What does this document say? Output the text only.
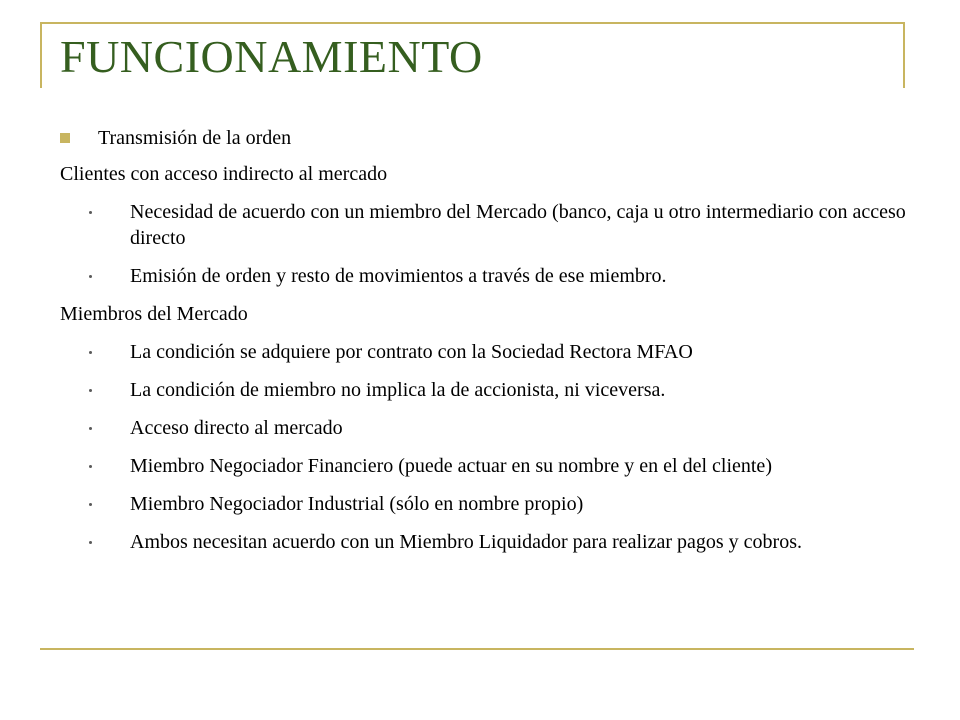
FUNCIONAMIENTO
Transmisión de la orden
Clientes con acceso indirecto al mercado
Necesidad de acuerdo con un miembro del Mercado (banco, caja u otro intermediario con acceso directo
Emisión de orden y resto de movimientos a través de ese miembro.
Miembros del Mercado
La condición se adquiere por contrato con la Sociedad Rectora MFAO
La condición de miembro no implica la de accionista, ni viceversa.
Acceso directo al mercado
Miembro Negociador Financiero (puede actuar en su nombre y en el del cliente)
Miembro Negociador Industrial (sólo en nombre propio)
Ambos necesitan acuerdo con un Miembro Liquidador para realizar pagos y cobros.
